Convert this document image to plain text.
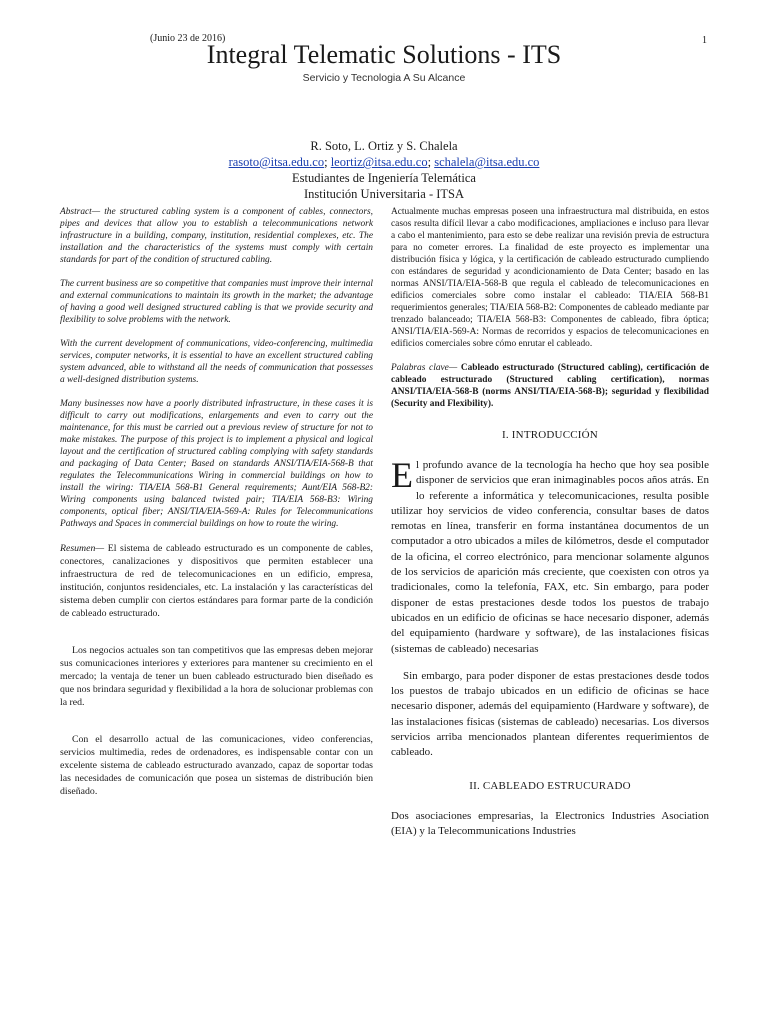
(Junio 23 de 2016)	1
Integral Telematic Solutions - ITS
Servicio y Tecnologia A Su Alcance
R. Soto, L. Ortiz y S. Chalela
rasoto@itsa.edu.co; leortiz@itsa.edu.co; schalela@itsa.edu.co
Estudiantes de Ingeniería Telemática
Institución Universitaria - ITSA

Abstract— the structured cabling system is a component of cables, connectors, pipes and devices that allow you to establish a telecommunications network infrastructure in a building, company, institution, residential complexes, etc. The installation and the characteristics of the systems must comply with certain standards for part of the condition of structured cabling.

The current business are so competitive that companies must improve their internal and external communications to maintain its growth in the market; the advantage of having a good well designed structured cabling is that we provide security and flexibility to solve problems with the network.

With the current development of communications, video-conferencing, multimedia services, computer networks, it is essential to have an excellent structured cabling system advanced, able to withstand all the needs of communication that possesses a well-designed distribution systems.

Many businesses now have a poorly distributed infrastructure, in these cases it is difficult to carry out modifications, enlargements and even to carry out the maintenance, for this must be carried out a previous review of structure for not to make mistakes. The purpose of this project is to implement a physical and logical layout and the certification of structured cabling complying with safety standards and packaging of Data Center; Based on standards ANSI/TIA/EIA-568-B that regulates the Telecommunications Wiring in commercial buildings on how to install the wiring: TIA/EIA 568-B1 General requirements; Aunt/EIA 568-B2: Wiring components using balanced twisted pair; TIA/EIA 568-B3: Wiring components, optical fiber; ANSI/TIA/EIA-569-A: Rules for Telecommunications Pathways and Spaces in commercial buildings on how to route the wiring.

Resumen— El sistema de cableado estructurado es un componente de cables, conectores, canalizaciones y dispositivos que permiten establecer una infraestructura de red de telecomunicaciones en un edificio, empresa, institución, conjuntos residenciales, etc. La instalación y las características del sistema deben cumplir con ciertos estándares para formar parte de la condición de cableado estructurado.

Los negocios actuales son tan competitivos que las empresas deben mejorar sus comunicaciones interiores y exteriores para mantener su crecimiento en el mercado; la ventaja de tener un buen cableado estructurado bien diseñado es que nos brindara seguridad y flexibilidad a la hora de solucionar problemas con la red.

Con el desarrollo actual de las comunicaciones, video conferencias, servicios multimedia, redes de ordenadores, es indispensable contar con un excelente sistema de cableado estructurado avanzado, capaz de soportar todas las necesidades de comunicación que posea un sistemas de distribución bien diseñado.

Actualmente muchas empresas poseen una infraestructura mal distribuida, en estos casos resulta difícil llevar a cabo modificaciones, ampliaciones e incluso para llevar a cabo el mantenimiento, para esto se debe realizar una revisión previa de estructura para no cometer errores. La finalidad de este proyecto es implementar una distribución física y lógica, y la certificación de cableado estructurado cumpliendo con estándares de seguridad y acondicionamiento de Data Center; basado en las normas ANSI/TIA/EIA-568-B que regula el cableado de telecomunicaciones en edificios comerciales sobre como instalar el cableado: TIA/EIA 568-B1 requerimientos generales; TIA/EIA 568-B2: Componentes de cableado mediante par trenzado balanceado; TIA/EIA 568-B3: Componentes de cableado, fibra óptica; ANSI/TIA/EIA-569-A: Normas de recorridos y espacios de telecomunicaciones en edificios comerciales sobre cómo enrutar el cableado.

Palabras clave— Cableado estructurado (Structured cabling), certificación de cableado estructurado (Structured cabling certification), normas ANSI/TIA/EIA-568-B (norms ANSI/TIA/EIA-568-B); seguridad y flexibilidad (Security and Flexibility).

I. INTRODUCCIÓN

El profundo avance de la tecnología ha hecho que hoy sea posible disponer de servicios que eran inimaginables pocos años atrás. En lo referente a informática y telecomunicaciones, resulta posible utilizar hoy servicios de video conferencia, consultar bases de datos remotas en línea, transferir en forma instantánea documentos de un computador a otro ubicados a miles de kilómetros, desde el computador de la oficina, el correo electrónico, para mencionar solamente algunos de los servicios de aparición más creciente, que coexisten con otros ya tradicionales, como la telefonía, FAX, etc. Sin embargo, para poder disponer de estas prestaciones desde todos los puestos de trabajo ubicados en un edificio de oficinas se hace necesario disponer, además del equipamiento (hardware y software), de las instalaciones físicas (sistemas de cableado) necesarias

Sin embargo, para poder disponer de estas prestaciones desde todos los puestos de trabajo ubicados en un edificio de oficinas se hace necesario disponer, además del equipamiento (Hardware y software), de las instalaciones físicas (sistemas de cableado) necesarias. Los diversos servicios arriba mencionados plantean diferentes requerimientos de cableado.

II. CABLEADO ESTRUCURADO

Dos asociaciones empresarias, la Electronics Industries Asociation (EIA) y la Telecommunications Industries
